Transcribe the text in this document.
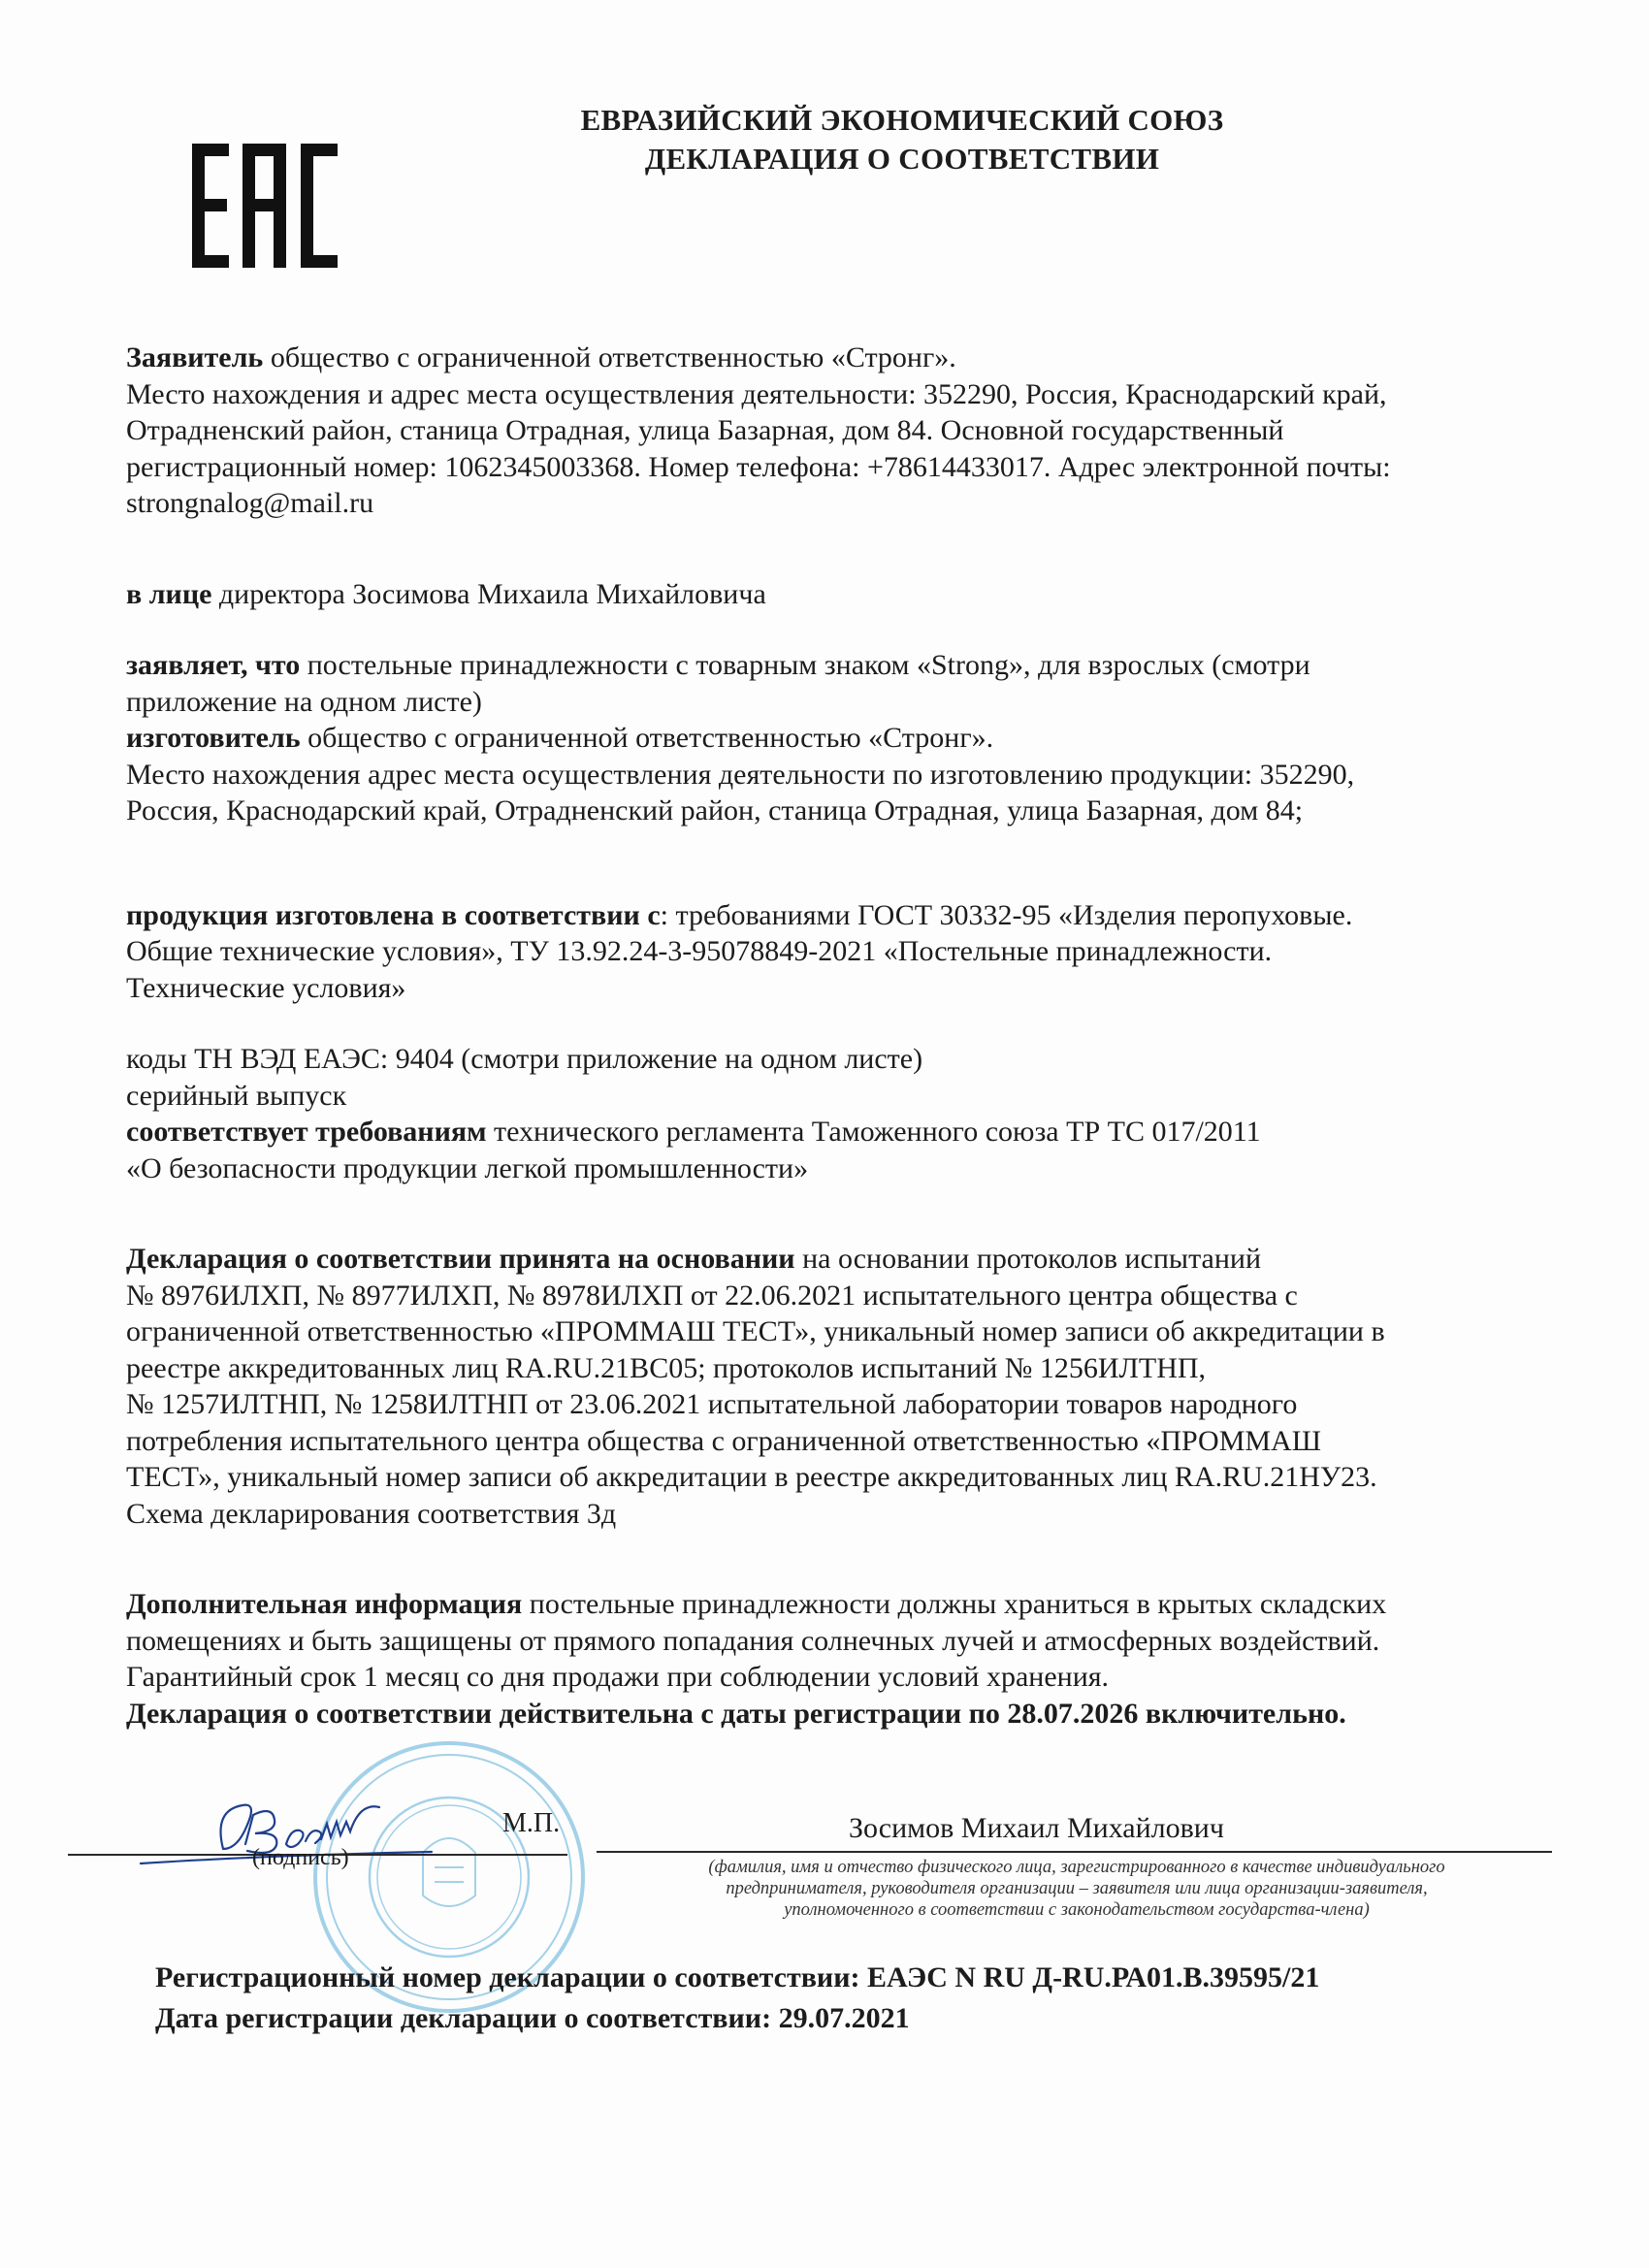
ЕВРАЗИЙСКИЙ ЭКОНОМИЧЕСКИЙ СОЮЗ
ДЕКЛАРАЦИЯ О СООТВЕТСТВИИ
Заявитель общество с ограниченной ответственностью «Стронг».
Место нахождения и адрес места осуществления деятельности: 352290, Россия, Краснодарский край,
Отрадненский район, станица Отрадная, улица Базарная, дом 84. Основной государственный
регистрационный номер: 1062345003368. Номер телефона: +78614433017. Адрес электронной почты:
strongnalog@mail.ru
в лице директора Зосимова Михаила Михайловича
заявляет, что постельные принадлежности с товарным знаком «Strong», для взрослых (смотри
приложение на одном листе)
изготовитель общество с ограниченной ответственностью «Стронг».
Место нахождения адрес места осуществления деятельности по изготовлению продукции: 352290,
Россия, Краснодарский край, Отрадненский район, станица Отрадная, улица Базарная, дом 84;
продукция изготовлена в соответствии с: требованиями ГОСТ 30332-95 «Изделия перопуховые.
Общие технические условия», ТУ 13.92.24-3-95078849-2021 «Постельные принадлежности.
Технические условия»
коды ТН ВЭД ЕАЭС: 9404 (смотри приложение на одном листе)
серийный выпуск
соответствует требованиям технического регламента Таможенного союза ТР ТС 017/2011
«О безопасности продукции легкой промышленности»
Декларация о соответствии принята на основании на основании протоколов испытаний
№ 8976ИЛХП, № 8977ИЛХП, № 8978ИЛХП от 22.06.2021 испытательного центра общества с
ограниченной ответственностью «ПРОММАШ ТЕСТ», уникальный номер записи об аккредитации в
реестре аккредитованных лиц RA.RU.21ВС05; протоколов испытаний № 1256ИЛТНП,
№ 1257ИЛТНП, № 1258ИЛТНП от 23.06.2021 испытательной лаборатории товаров народного
потребления испытательного центра общества с ограниченной ответственностью «ПРОММАШ
ТЕСТ», уникальный номер записи об аккредитации в реестре аккредитованных лиц RA.RU.21НУ23.
Схема декларирования соответствия 3д
Дополнительная информация постельные принадлежности должны храниться в крытых складских
помещениях и быть защищены от прямого попадания солнечных лучей и атмосферных воздействий.
Гарантийный срок 1 месяц со дня продажи при соблюдении условий хранения.
Декларация о соответствии действительна с даты регистрации по 28.07.2026 включительно.
(подпись)
М.П.	Зосимов Михаил Михайлович
(фамилия, имя и отчество физического лица, зарегистрированного в качестве индивидуального
предпринимателя, руководителя организации – заявителя или лица организации-заявителя,
уполномоченного в соответствии с законодательством государства-члена)
Регистрационный номер декларации о соответствии: ЕАЭС N RU Д-RU.РА01.В.39595/21
Дата регистрации декларации о соответствии: 29.07.2021
